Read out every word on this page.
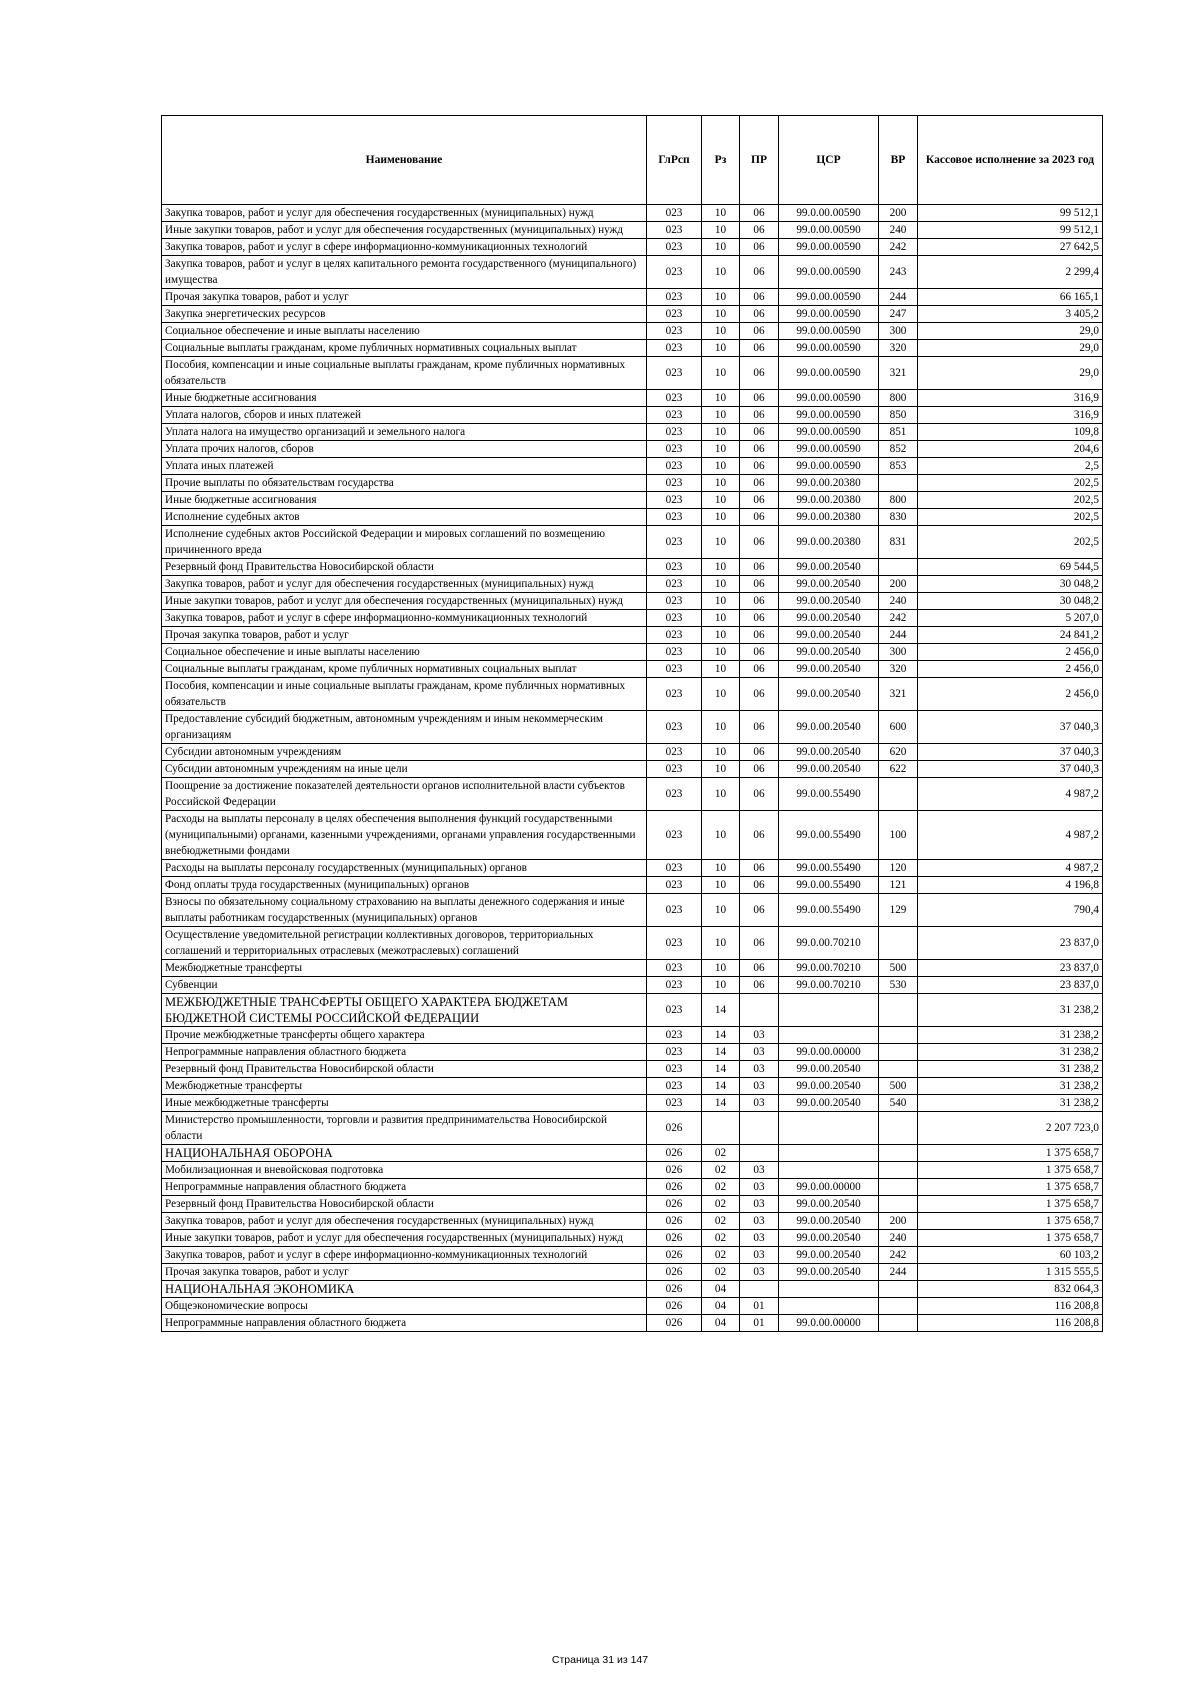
Наименование	ГлРсп	Рз	ПР	ЦСР	ВР	Кассовое исполнение за 2023 год
Закупка товаров, работ и услуг для обеспечения государственных (муниципальных) нужд	023	10	06	99.0.00.00590	200	99 512,1
Иные закупки товаров, работ и услуг для обеспечения государственных (муниципальных) нужд	023	10	06	99.0.00.00590	240	99 512,1
Закупка товаров, работ и услуг в сфере информационно-коммуникационных технологий	023	10	06	99.0.00.00590	242	27 642,5
Закупка товаров, работ и услуг в целях капитального ремонта государственного (муниципального) имущества	023	10	06	99.0.00.00590	243	2 299,4
Прочая закупка товаров, работ и услуг	023	10	06	99.0.00.00590	244	66 165,1
Закупка энергетических ресурсов	023	10	06	99.0.00.00590	247	3 405,2
Социальное обеспечение и иные выплаты населению	023	10	06	99.0.00.00590	300	29,0
Социальные выплаты гражданам, кроме публичных нормативных социальных выплат	023	10	06	99.0.00.00590	320	29,0
Пособия, компенсации и иные социальные выплаты гражданам, кроме публичных нормативных обязательств	023	10	06	99.0.00.00590	321	29,0
Иные бюджетные ассигнования	023	10	06	99.0.00.00590	800	316,9
Уплата налогов, сборов и иных платежей	023	10	06	99.0.00.00590	850	316,9
Уплата налога на имущество организаций и земельного налога	023	10	06	99.0.00.00590	851	109,8
Уплата прочих налогов, сборов	023	10	06	99.0.00.00590	852	204,6
Уплата иных платежей	023	10	06	99.0.00.00590	853	2,5
Прочие выплаты по обязательствам государства	023	10	06	99.0.00.20380		202,5
Иные бюджетные ассигнования	023	10	06	99.0.00.20380	800	202,5
Исполнение судебных актов	023	10	06	99.0.00.20380	830	202,5
Исполнение судебных актов Российской Федерации и мировых соглашений по возмещению причиненного вреда	023	10	06	99.0.00.20380	831	202,5
Резервный фонд Правительства Новосибирской области	023	10	06	99.0.00.20540		69 544,5
Закупка товаров, работ и услуг для обеспечения государственных (муниципальных) нужд	023	10	06	99.0.00.20540	200	30 048,2
Иные закупки товаров, работ и услуг для обеспечения государственных (муниципальных) нужд	023	10	06	99.0.00.20540	240	30 048,2
Закупка товаров, работ и услуг в сфере информационно-коммуникационных технологий	023	10	06	99.0.00.20540	242	5 207,0
Прочая закупка товаров, работ и услуг	023	10	06	99.0.00.20540	244	24 841,2
Социальное обеспечение и иные выплаты населению	023	10	06	99.0.00.20540	300	2 456,0
Социальные выплаты гражданам, кроме публичных нормативных социальных выплат	023	10	06	99.0.00.20540	320	2 456,0
Пособия, компенсации и иные социальные выплаты гражданам, кроме публичных нормативных обязательств	023	10	06	99.0.00.20540	321	2 456,0
Предоставление субсидий бюджетным, автономным учреждениям и иным некоммерческим организациям	023	10	06	99.0.00.20540	600	37 040,3
Субсидии автономным учреждениям	023	10	06	99.0.00.20540	620	37 040,3
Субсидии автономным учреждениям на иные цели	023	10	06	99.0.00.20540	622	37 040,3
Поощрение за достижение показателей деятельности органов исполнительной власти субъектов Российской Федерации	023	10	06	99.0.00.55490		4 987,2
Расходы на выплаты персоналу в целях обеспечения выполнения функций государственными (муниципальными) органами, казенными учреждениями, органами управления государственными внебюджетными фондами	023	10	06	99.0.00.55490	100	4 987,2
Расходы на выплаты персоналу государственных (муниципальных) органов	023	10	06	99.0.00.55490	120	4 987,2
Фонд оплаты труда государственных (муниципальных) органов	023	10	06	99.0.00.55490	121	4 196,8
Взносы по обязательному социальному страхованию на выплаты денежного содержания и иные выплаты работникам государственных (муниципальных) органов	023	10	06	99.0.00.55490	129	790,4
Осуществление уведомительной регистрации коллективных договоров, территориальных соглашений и территориальных отраслевых (межотраслевых) соглашений	023	10	06	99.0.00.70210		23 837,0
Межбюджетные трансферты	023	10	06	99.0.00.70210	500	23 837,0
Субвенции	023	10	06	99.0.00.70210	530	23 837,0
МЕЖБЮДЖЕТНЫЕ ТРАНСФЕРТЫ ОБЩЕГО ХАРАКТЕРА БЮДЖЕТАМ БЮДЖЕТНОЙ СИСТЕМЫ РОССИЙСКОЙ ФЕДЕРАЦИИ	023	14				31 238,2
Прочие межбюджетные трансферты общего характера	023	14	03			31 238,2
Непрограммные направления областного бюджета	023	14	03	99.0.00.00000		31 238,2
Резервный фонд Правительства Новосибирской области	023	14	03	99.0.00.20540		31 238,2
Межбюджетные трансферты	023	14	03	99.0.00.20540	500	31 238,2
Иные межбюджетные трансферты	023	14	03	99.0.00.20540	540	31 238,2
Министерство промышленности, торговли и развития предпринимательства Новосибирской области	026					2 207 723,0
НАЦИОНАЛЬНАЯ ОБОРОНА	026	02				1 375 658,7
Мобилизационная и вневойсковая подготовка	026	02	03			1 375 658,7
Непрограммные направления областного бюджета	026	02	03	99.0.00.00000		1 375 658,7
Резервный фонд Правительства Новосибирской области	026	02	03	99.0.00.20540		1 375 658,7
Закупка товаров, работ и услуг для обеспечения государственных (муниципальных) нужд	026	02	03	99.0.00.20540	200	1 375 658,7
Иные закупки товаров, работ и услуг для обеспечения государственных (муниципальных) нужд	026	02	03	99.0.00.20540	240	1 375 658,7
Закупка товаров, работ и услуг в сфере информационно-коммуникационных технологий	026	02	03	99.0.00.20540	242	60 103,2
Прочая закупка товаров, работ и услуг	026	02	03	99.0.00.20540	244	1 315 555,5
НАЦИОНАЛЬНАЯ ЭКОНОМИКА	026	04				832 064,3
Общеэкономические вопросы	026	04	01			116 208,8
Непрограммные направления областного бюджета	026	04	01	99.0.00.00000		116 208,8
Страница 31 из 147
